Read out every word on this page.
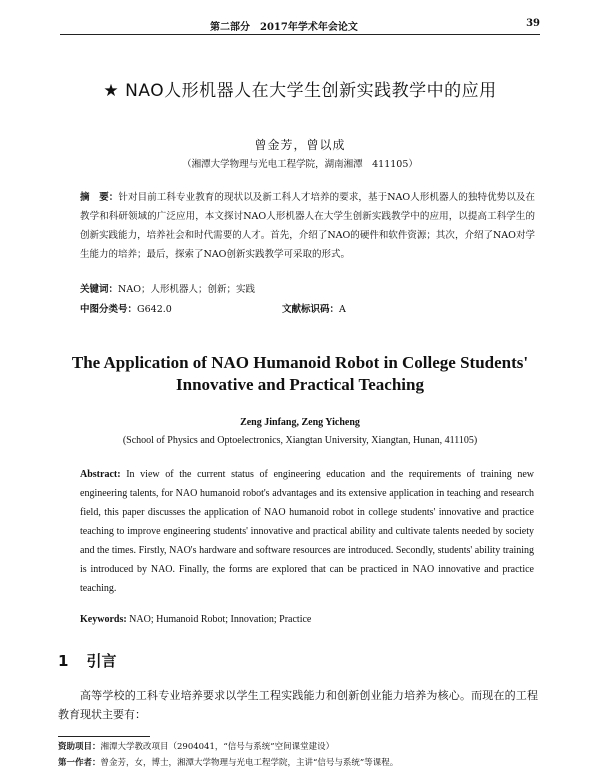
第二部分　2017年学术年会论文	39
★ NAO人形机器人在大学生创新实践教学中的应用
曾金芳，曾以成
（湘潭大学物理与光电工程学院，湖南湘潭　411105）
摘　要：针对目前工科专业教育的现状以及新工科人才培养的要求，基于NAO人形机器人的独特优势以及在教学和科研领域的广泛应用，本文探讨NAO人形机器人在大学生创新实践教学中的应用，以提高工科学生的创新实践能力，培养社会和时代需要的人才。首先，介绍了NAO的硬件和软件资源；其次，介绍了NAO对学生能力的培养；最后，探索了NAO创新实践教学可采取的形式。
关键词：NAO；人形机器人；创新；实践
中图分类号：G642.0	文献标识码：A
The Application of NAO Humanoid Robot in College Students'
Innovative and Practical Teaching
Zeng Jinfang, Zeng Yicheng
(School of Physics and Optoelectronics, Xiangtan University, Xiangtan, Hunan, 411105)
Abstract: In view of the current status of engineering education and the requirements of training new engineering talents, for NAO humanoid robot's advantages and its extensive application in teaching and research field, this paper discusses the application of NAO humanoid robot in college students' innovative and practice teaching to improve engineering students' innovative and practical ability and cultivate talents needed by society and the times. Firstly, NAO's hardware and software resources are introduced. Secondly, students' ability training is introduced by NAO. Finally, the forms are explored that can be practiced in NAO innovative and practice teaching.
Keywords: NAO; Humanoid Robot; Innovation; Practice
1 引言
高等学校的工科专业培养要求以学生工程实践能力和创新创业能力培养为核心。而现在的工程教育现状主要有：
资助项目：湘潭大学教改项目（2904041，“信号与系统”空间课堂建设）
第一作者：曾金芳，女，博士，湘潭大学物理与光电工程学院，主讲“信号与系统”等课程。
